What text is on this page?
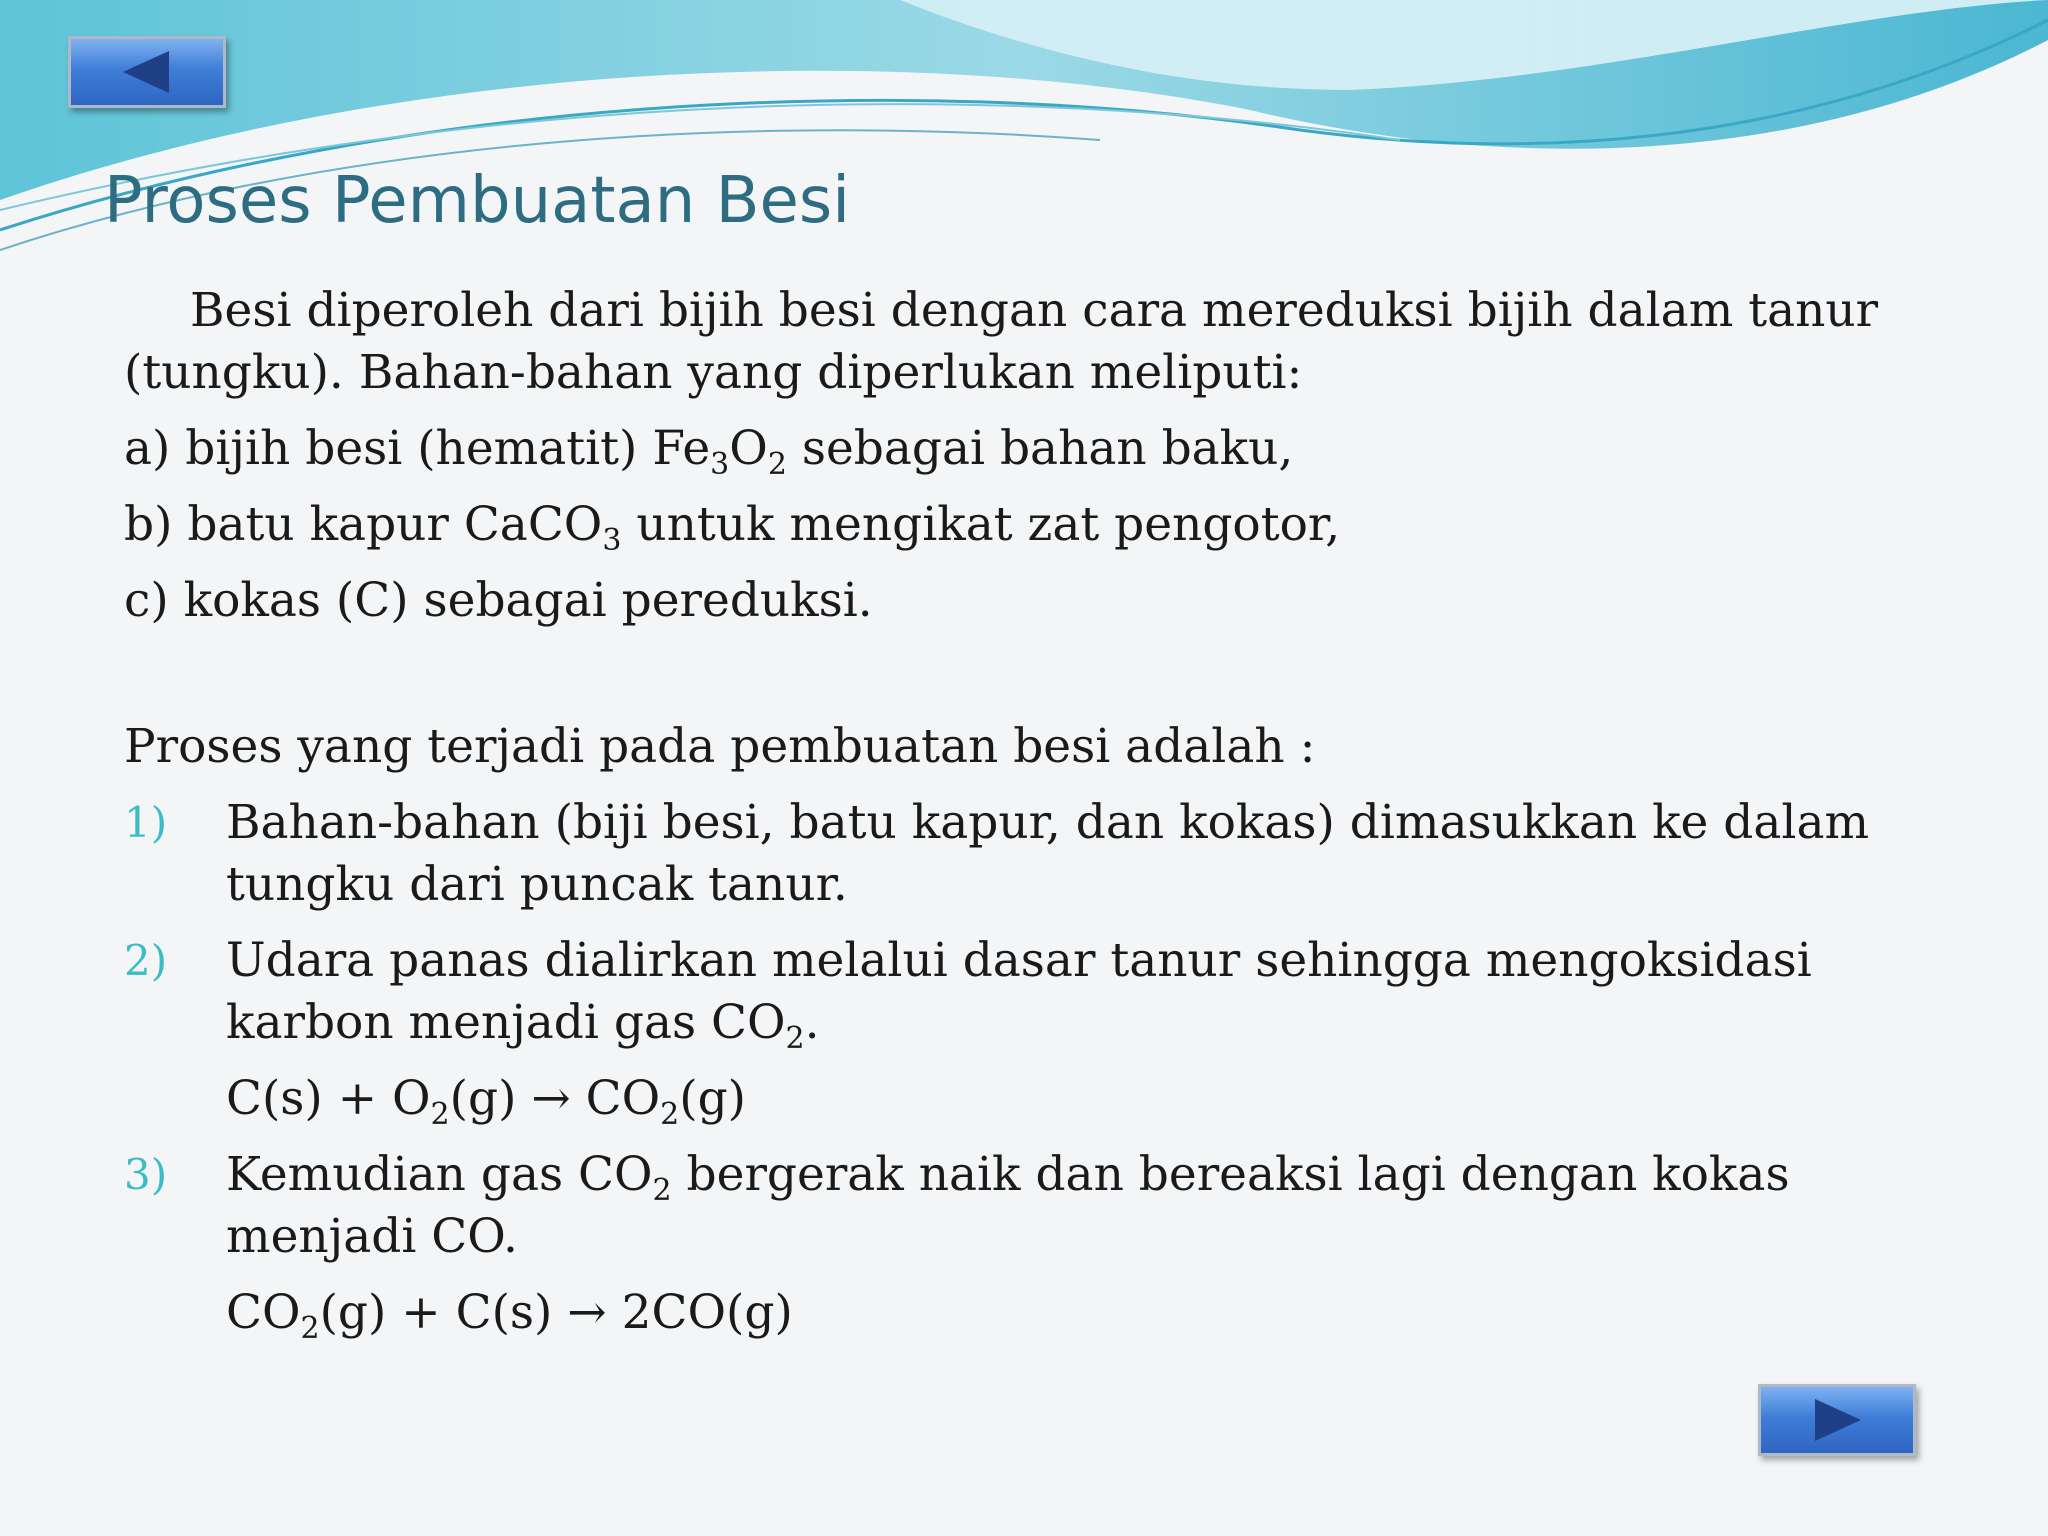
Proses Pembuatan Besi

Besi diperoleh dari bijih besi dengan cara mereduksi bijih dalam tanur (tungku). Bahan-bahan yang diperlukan meliputi:

a) bijih besi (hematit) $Fe_3O_2$ sebagai bahan baku,

b) batu kapur CaCO$_3$ untuk mengikat zat pengotor,

c) kokas (C) sebagai pereduksi.

Proses yang terjadi pada pembuatan besi adalah :

1) Bahan-bahan (biji besi, batu kapur, dan kokas) dimasukkan ke dalam tungku dari puncak tanur.
2) Udara panas dialirkan melalui dasar tanur sehingga mengoksidasi karbon menjadi gas $CO_2$.
$C(s) + O_2(g) \to CO_2(g)$
3) Kemudian gas $CO_2$ bergerak naik dan bereaksi lagi dengan kokas menjadi CO.
$CO_2(g) + C(s) \to 2CO(g)$
